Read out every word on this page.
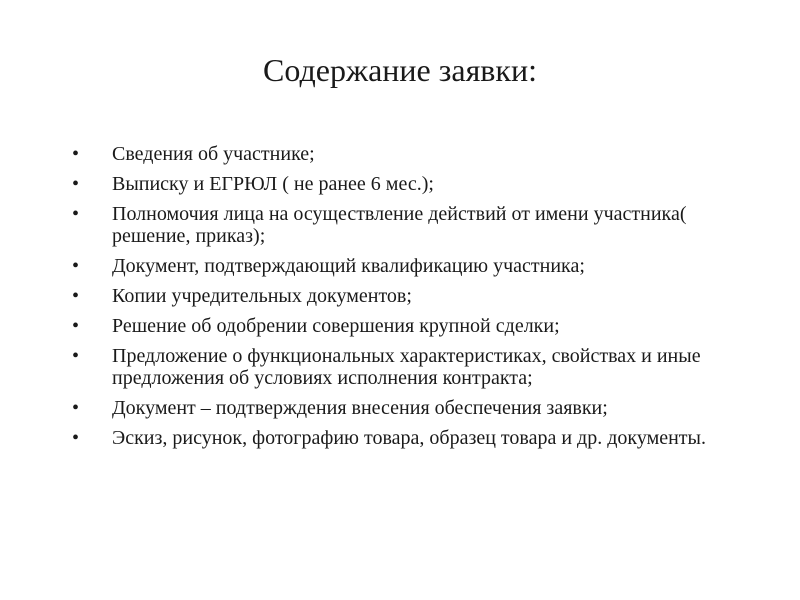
Содержание заявки:
•	Сведения об участнике;
•	Выписку и ЕГРЮЛ ( не ранее 6 мес.);
•	Полномочия лица на осуществление действий от имени участника( решение, приказ);
•	Документ, подтверждающий квалификацию участника;
•	Копии учредительных документов;
•	Решение об одобрении совершения крупной сделки;
•	Предложение о функциональных характеристиках, свойствах и иные предложения об условиях исполнения контракта;
•	Документ – подтверждения внесения обеспечения заявки;
•	Эскиз, рисунок, фотографию товара, образец товара и др. документы.
